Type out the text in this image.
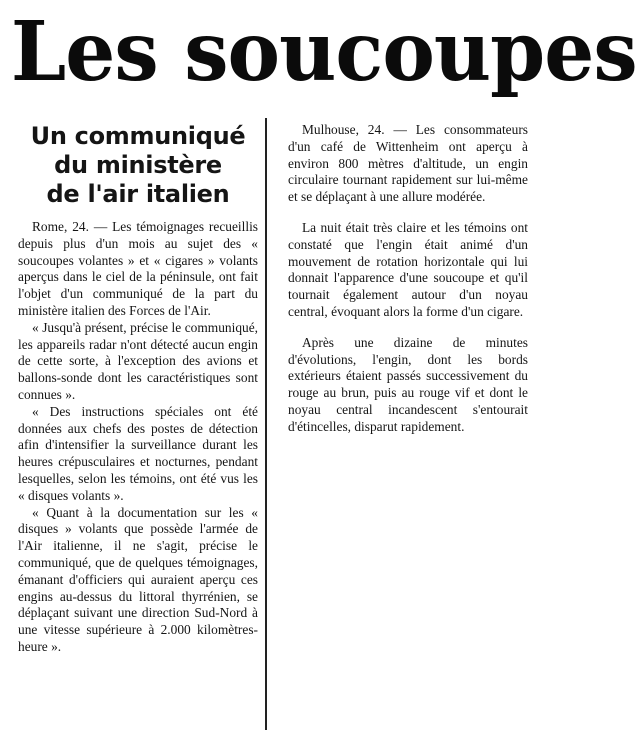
Les soucoupes
Un communiqué
du ministère
de l'air italien

Rome, 24. — Les témoignages recueillis depuis plus d'un mois au sujet des « soucoupes volantes » et « cigares » volants aperçus dans le ciel de la péninsule, ont fait l'objet d'un communiqué de la part du ministère italien des Forces de l'Air.

« Jusqu'à présent, précise le communiqué, les appareils radar n'ont détecté aucun engin de cette sorte, à l'exception des avions et ballons-sonde dont les caractéristiques sont connues ».

« Des instructions spéciales ont été données aux chefs des postes de détection afin d'intensifier la surveillance durant les heures crépusculaires et nocturnes, pendant lesquelles, selon les témoins, ont été vus les « disques volants ».

« Quant à la documentation sur les « disques » volants que possède l'armée de l'Air italienne, il ne s'agit, précise le communiqué, que de quelques témoignages, émanant d'officiers qui auraient aperçu ces engins au-dessus du littoral thyrrénien, se déplaçant suivant une direction Sud-Nord à une vitesse supérieure à 2.000 kilomètres-heure ».

Mulhouse, 24. — Les consommateurs d'un café de Wittenheim ont aperçu à environ 800 mètres d'altitude, un engin circulaire tournant rapidement sur lui-même et se déplaçant à une allure modérée.

La nuit était très claire et les témoins ont constaté que l'engin était animé d'un mouvement de rotation horizontale qui lui donnait l'apparence d'une soucoupe et qu'il tournait également autour d'un noyau central, évoquant alors la forme d'un cigare.

Après une dizaine de minutes d'évolutions, l'engin, dont les bords extérieurs étaient passés successivement du rouge au brun, puis au rouge vif et dont le noyau central incandescent s'entourait d'étincelles, disparut rapidement.
